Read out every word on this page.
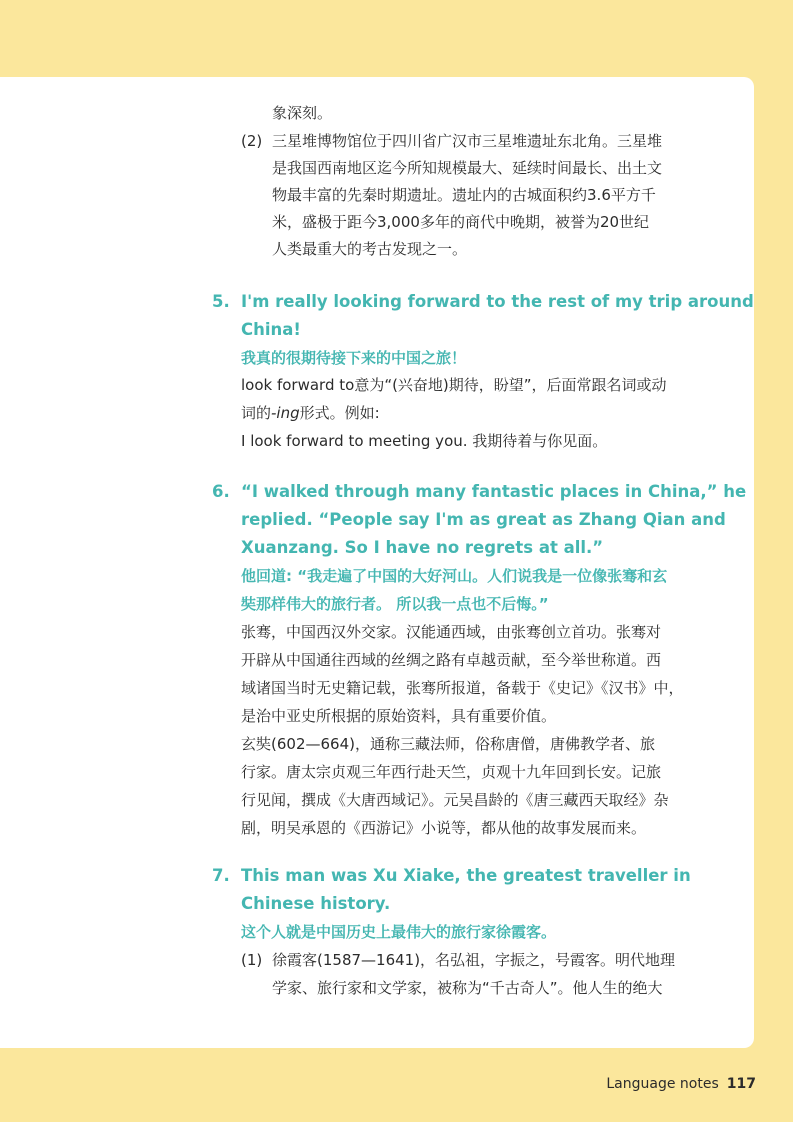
象深刻。

(2) 三星堆博物馆位于四川省广汉市三星堆遗址东北角。三星堆

是我国西南地区迄今所知规模最大、延续时间最长、出土文

物最丰富的先秦时期遗址。遗址内的古城面积约3.6平方千

米，盛极于距今3,000多年的商代中晚期，被誉为20世纪

人类最重大的考古发现之一。

5. I'm really looking forward to the rest of my trip around

China!

我真的很期待接下来的中国之旅！

look forward to意为“(兴奋地)期待，盼望”，后面常跟名词或动

词的-ing形式。例如:

I look forward to meeting you. 我期待着与你见面。

6. “I walked through many fantastic places in China,” he

replied. “People say I'm as great as Zhang Qian and

Xuanzang. So I have no regrets at all.”

他回道: “我走遍了中国的大好河山。人们说我是一位像张骞和玄

奘那样伟大的旅行者。 所以我一点也不后悔。”

张骞，中国西汉外交家。汉能通西域，由张骞创立首功。张骞对

开辟从中国通往西域的丝绸之路有卓越贡献，至今举世称道。西

域诸国当时无史籍记载，张骞所报道，备载于《史记》《汉书》中，

是治中亚史所根据的原始资料，具有重要价值。

玄奘(602—664)，通称三藏法师，俗称唐僧，唐佛教学者、旅

行家。唐太宗贞观三年西行赴天竺，贞观十九年回到长安。记旅

行见闻，撰成《大唐西域记》。元吴昌龄的《唐三藏西天取经》杂

剧，明吴承恩的《西游记》小说等，都从他的故事发展而来。

7. This man was Xu Xiake, the greatest traveller in

Chinese history.

这个人就是中国历史上最伟大的旅行家徐霞客。

(1) 徐霞客(1587—1641)，名弘祖，字振之，号霞客。明代地理

学家、旅行家和文学家，被称为“千古奇人”。他人生的绝大

Language notes 117
